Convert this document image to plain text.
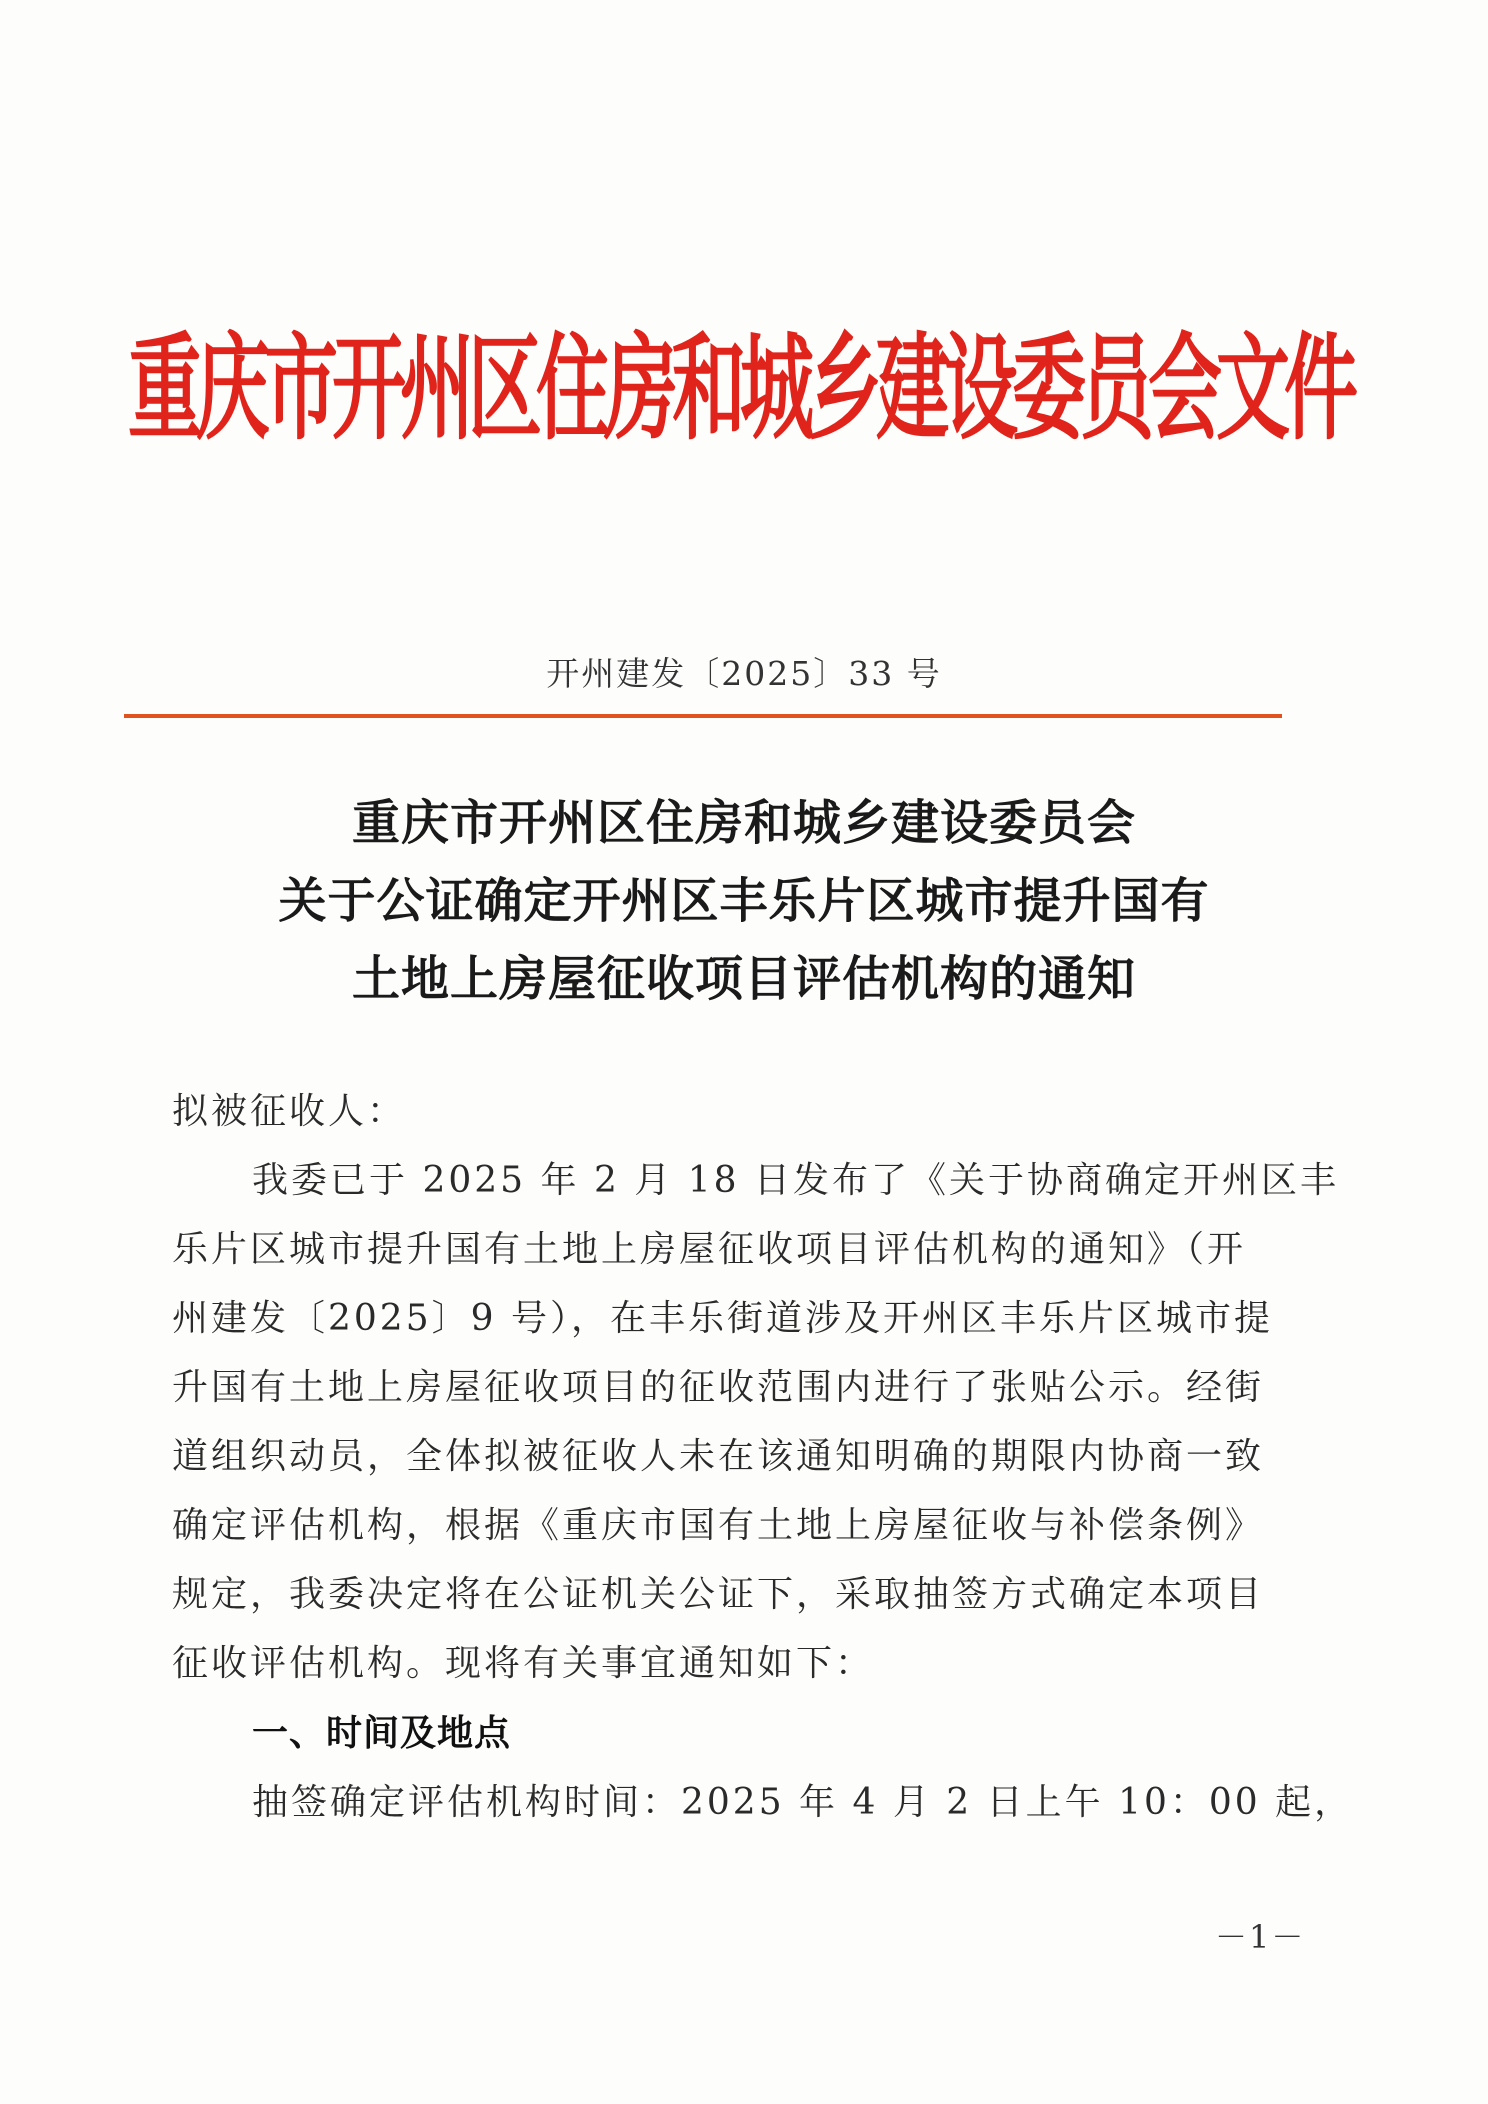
重庆市开州区住房和城乡建设委员会文件
开州建发〔2025〕33 号
重庆市开州区住房和城乡建设委员会
关于公证确定开州区丰乐片区城市提升国有
土地上房屋征收项目评估机构的通知
拟被征收人：
我委已于 2025 年 2 月 18 日发布了《关于协商确定开州区丰
乐片区城市提升国有土地上房屋征收项目评估机构的通知》（开
州建发〔2025〕9 号），在丰乐街道涉及开州区丰乐片区城市提
升国有土地上房屋征收项目的征收范围内进行了张贴公示。经街
道组织动员，全体拟被征收人未在该通知明确的期限内协商一致
确定评估机构，根据《重庆市国有土地上房屋征收与补偿条例》
规定，我委决定将在公证机关公证下，采取抽签方式确定本项目
征收评估机构。现将有关事宜通知如下：
一、时间及地点
抽签确定评估机构时间：2025 年 4 月 2 日上午 10：00 起，
－1－
